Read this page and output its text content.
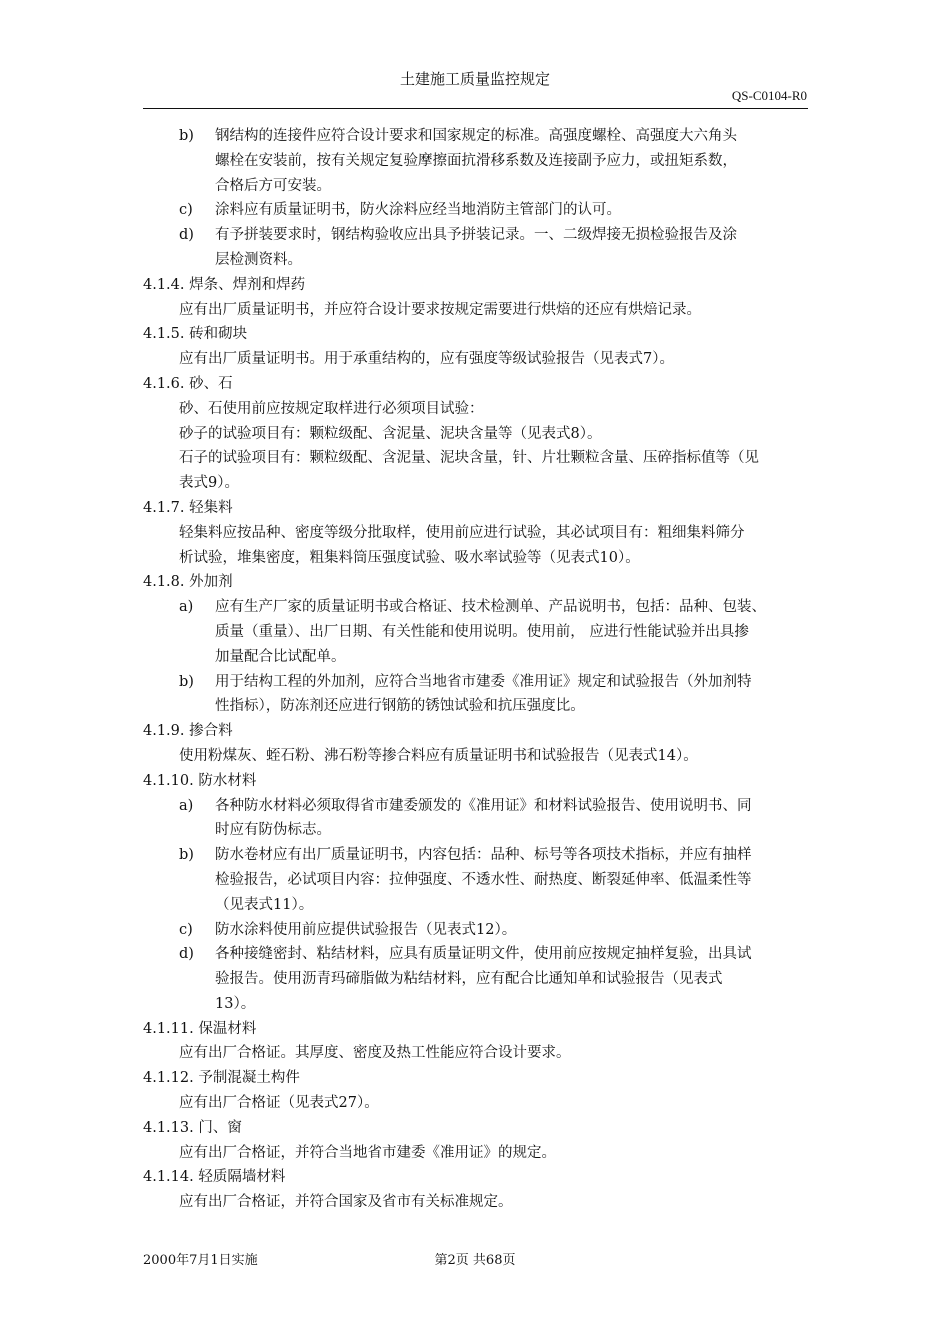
土建施工质量监控规定
QS-C0104-R0
b)	钢结构的连接件应符合设计要求和国家规定的标准。高强度螺栓、高强度大六角头
螺栓在安装前，按有关规定复验摩擦面抗滑移系数及连接副予应力，或扭矩系数，
合格后方可安装。
c)	涂料应有质量证明书，防火涂料应经当地消防主管部门的认可。
d)	有予拼装要求时，钢结构验收应出具予拼装记录。一、二级焊接无损检验报告及涂
层检测资料。
4.1.4. 焊条、焊剂和焊药
应有出厂质量证明书，并应符合设计要求按规定需要进行烘焙的还应有烘焙记录。
4.1.5. 砖和砌块
应有出厂质量证明书。用于承重结构的，应有强度等级试验报告（见表式7）。
4.1.6. 砂、石
砂、石使用前应按规定取样进行必须项目试验：
砂子的试验项目有：颗粒级配、含泥量、泥块含量等（见表式8）。
石子的试验项目有：颗粒级配、含泥量、泥块含量，针、片壮颗粒含量、压碎指标值等（见
表式9）。
4.1.7. 轻集料
轻集料应按品种、密度等级分批取样，使用前应进行试验，其必试项目有：粗细集料筛分
析试验，堆集密度，粗集料筒压强度试验、吸水率试验等（见表式10）。
4.1.8. 外加剂
a)	应有生产厂家的质量证明书或合格证、技术检测单、产品说明书，包括：品种、包装、
质量（重量）、出厂日期、有关性能和使用说明。使用前， 应进行性能试验并出具掺
加量配合比试配单。
b)	用于结构工程的外加剂，应符合当地省市建委《准用证》规定和试验报告（外加剂特
性指标），防冻剂还应进行钢筋的锈蚀试验和抗压强度比。
4.1.9. 掺合料
使用粉煤灰、蛭石粉、沸石粉等掺合料应有质量证明书和试验报告（见表式14）。
4.1.10. 防水材料
a)	各种防水材料必须取得省市建委颁发的《准用证》和材料试验报告、使用说明书、同
时应有防伪标志。
b)	防水卷材应有出厂质量证明书，内容包括：品种、标号等各项技术指标，并应有抽样
检验报告，必试项目内容：拉伸强度、不透水性、耐热度、断裂延伸率、低温柔性等
（见表式11）。
c)	防水涂料使用前应提供试验报告（见表式12）。
d)	各种接缝密封、粘结材料，应具有质量证明文件，使用前应按规定抽样复验，出具试
验报告。使用沥青玛碲脂做为粘结材料，应有配合比通知单和试验报告（见表式
13）。
4.1.11. 保温材料
应有出厂合格证。其厚度、密度及热工性能应符合设计要求。
4.1.12. 予制混凝土构件
应有出厂合格证（见表式27）。
4.1.13. 门、窗
应有出厂合格证，并符合当地省市建委《准用证》的规定。
4.1.14. 轻质隔墙材料
应有出厂合格证，并符合国家及省市有关标准规定。
2000年7月1日实施	第2页 共68页
